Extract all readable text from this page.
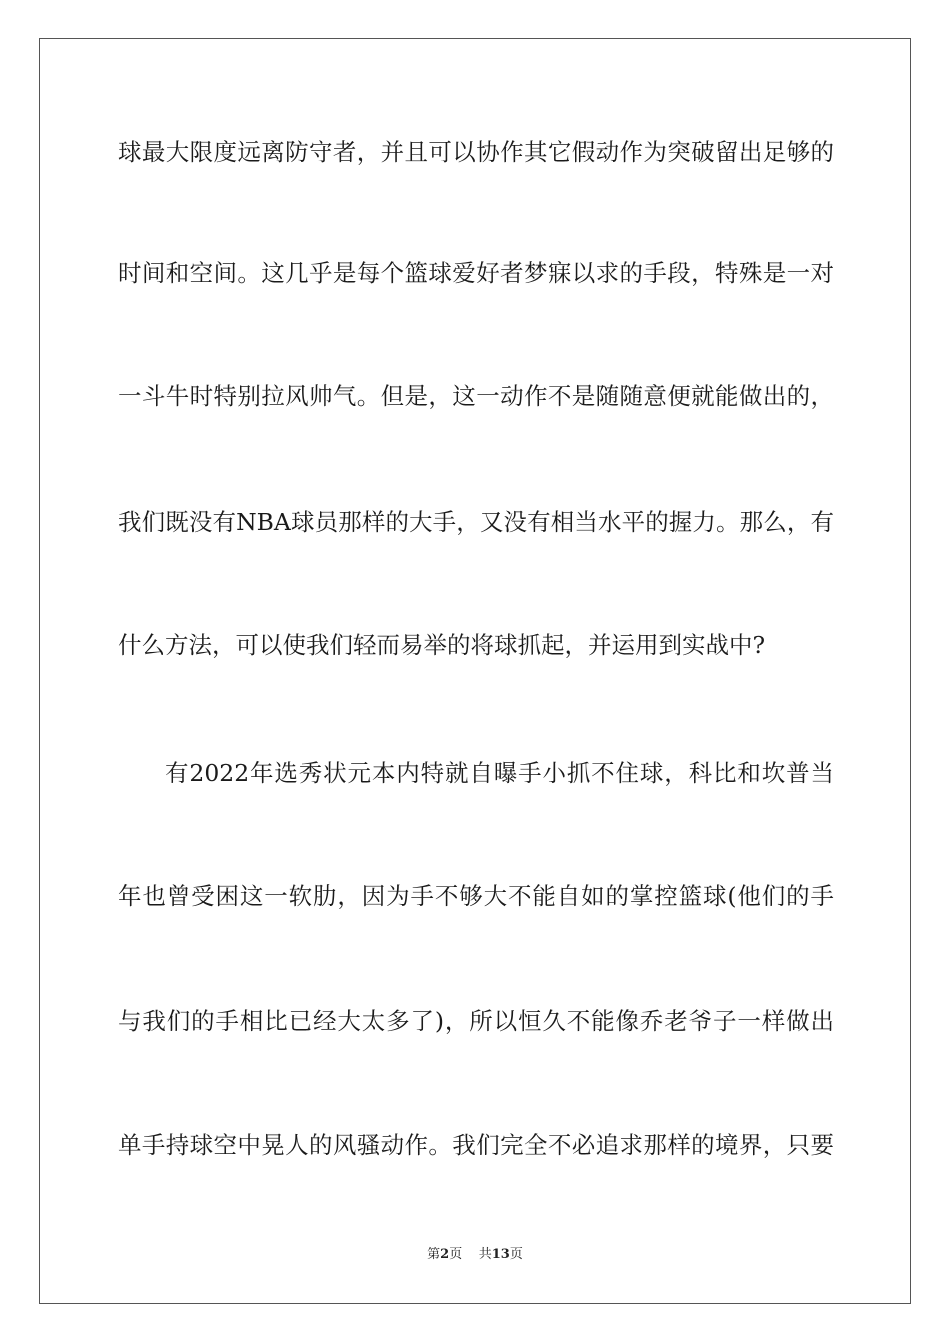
球最大限度远离防守者，并且可以协作其它假动作为突破留出足够的
时间和空间。这几乎是每个篮球爱好者梦寐以求的手段，特殊是一对
一斗牛时特别拉风帅气。但是，这一动作不是随随意便就能做出的，
我们既没有NBA球员那样的大手，又没有相当水平的握力。那么，有
什么方法，可以使我们轻而易举的将球抓起，并运用到实战中?
有2022年选秀状元本内特就自曝手小抓不住球，科比和坎普当
年也曾受困这一软肋，因为手不够大不能自如的掌控篮球(他们的手
与我们的手相比已经大太多了)，所以恒久不能像乔老爷子一样做出
单手持球空中晃人的风骚动作。我们完全不必追求那样的境界，只要
第2页 共13页
